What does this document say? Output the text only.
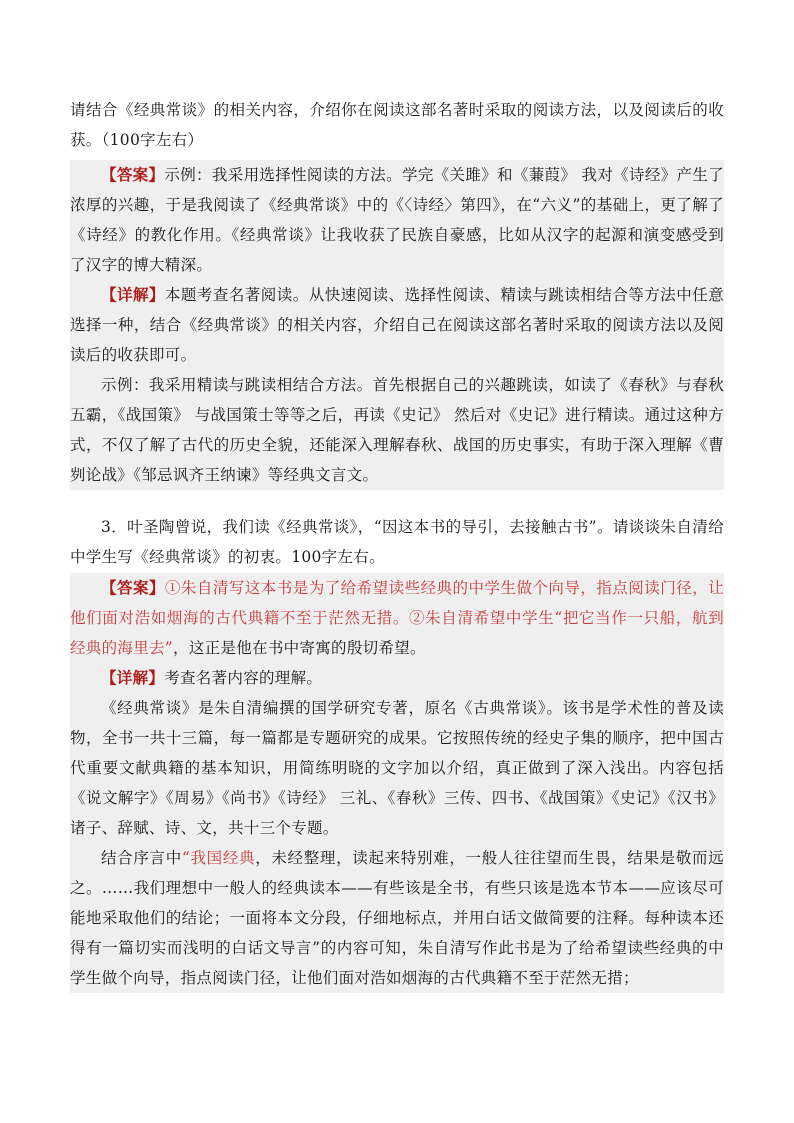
请结合《经典常谈》的相关内容，介绍你在阅读这部名著时采取的阅读方法，以及阅读后的收获。（100字左右）

【答案】示例：我采用选择性阅读的方法。学完《关雎》和《蒹葭》 我对《诗经》产生了浓厚的兴趣，于是我阅读了《经典常谈》中的《〈诗经〉第四》，在“六义”的基础上，更了解了《诗经》的教化作用。《经典常谈》让我收获了民族自豪感，比如从汉字的起源和演变感受到了汉字的博大精深。

【详解】本题考查名著阅读。从快速阅读、选择性阅读、精读与跳读相结合等方法中任意选择一种，结合《经典常谈》的相关内容，介绍自己在阅读这部名著时采取的阅读方法以及阅读后的收获即可。

示例：我采用精读与跳读相结合方法。首先根据自己的兴趣跳读，如读了《春秋》与春秋五霸，《战国策》 与战国策士等等之后，再读《史记》 然后对《史记》进行精读。通过这种方式，不仅了解了古代的历史全貌，还能深入理解春秋、战国的历史事实，有助于深入理解《曹刿论战》《邹忌讽齐王纳谏》等经典文言文。

3．叶圣陶曾说，我们读《经典常谈》，“因这本书的导引，去接触古书”。请谈谈朱自清给中学生写《经典常谈》的初衷。100字左右。

【答案】①朱自清写这本书是为了给希望读些经典的中学生做个向导，指点阅读门径，让他们面对浩如烟海的古代典籍不至于茫然无措。②朱自清希望中学生“把它当作一只船，航到经典的海里去”，这正是他在书中寄寓的殷切希望。

【详解】考查名著内容的理解。

《经典常谈》是朱自清编撰的国学研究专著，原名《古典常谈》。该书是学术性的普及读物，全书一共十三篇，每一篇都是专题研究的成果。它按照传统的经史子集的顺序，把中国古代重要文献典籍的基本知识，用简练明晓的文字加以介绍，真正做到了深入浅出。内容包括《说文解字》《周易》《尚书》《诗经》 三礼、《春秋》三传、四书、《战国策》《史记》《汉书》诸子、辞赋、诗、文，共十三个专题。

结合序言中“我国经典，未经整理，读起来特别难，一般人往往望而生畏，结果是敬而远之。……我们理想中一般人的经典读本——有些该是全书，有些只该是选本节本——应该尽可能地采取他们的结论；一面将本文分段，仔细地标点，并用白话文做简要的注释。每种读本还得有一篇切实而浅明的白话文导言”的内容可知，朱自清写作此书是为了给希望读些经典的中学生做个向导，指点阅读门径，让他们面对浩如烟海的古代典籍不至于茫然无措；
